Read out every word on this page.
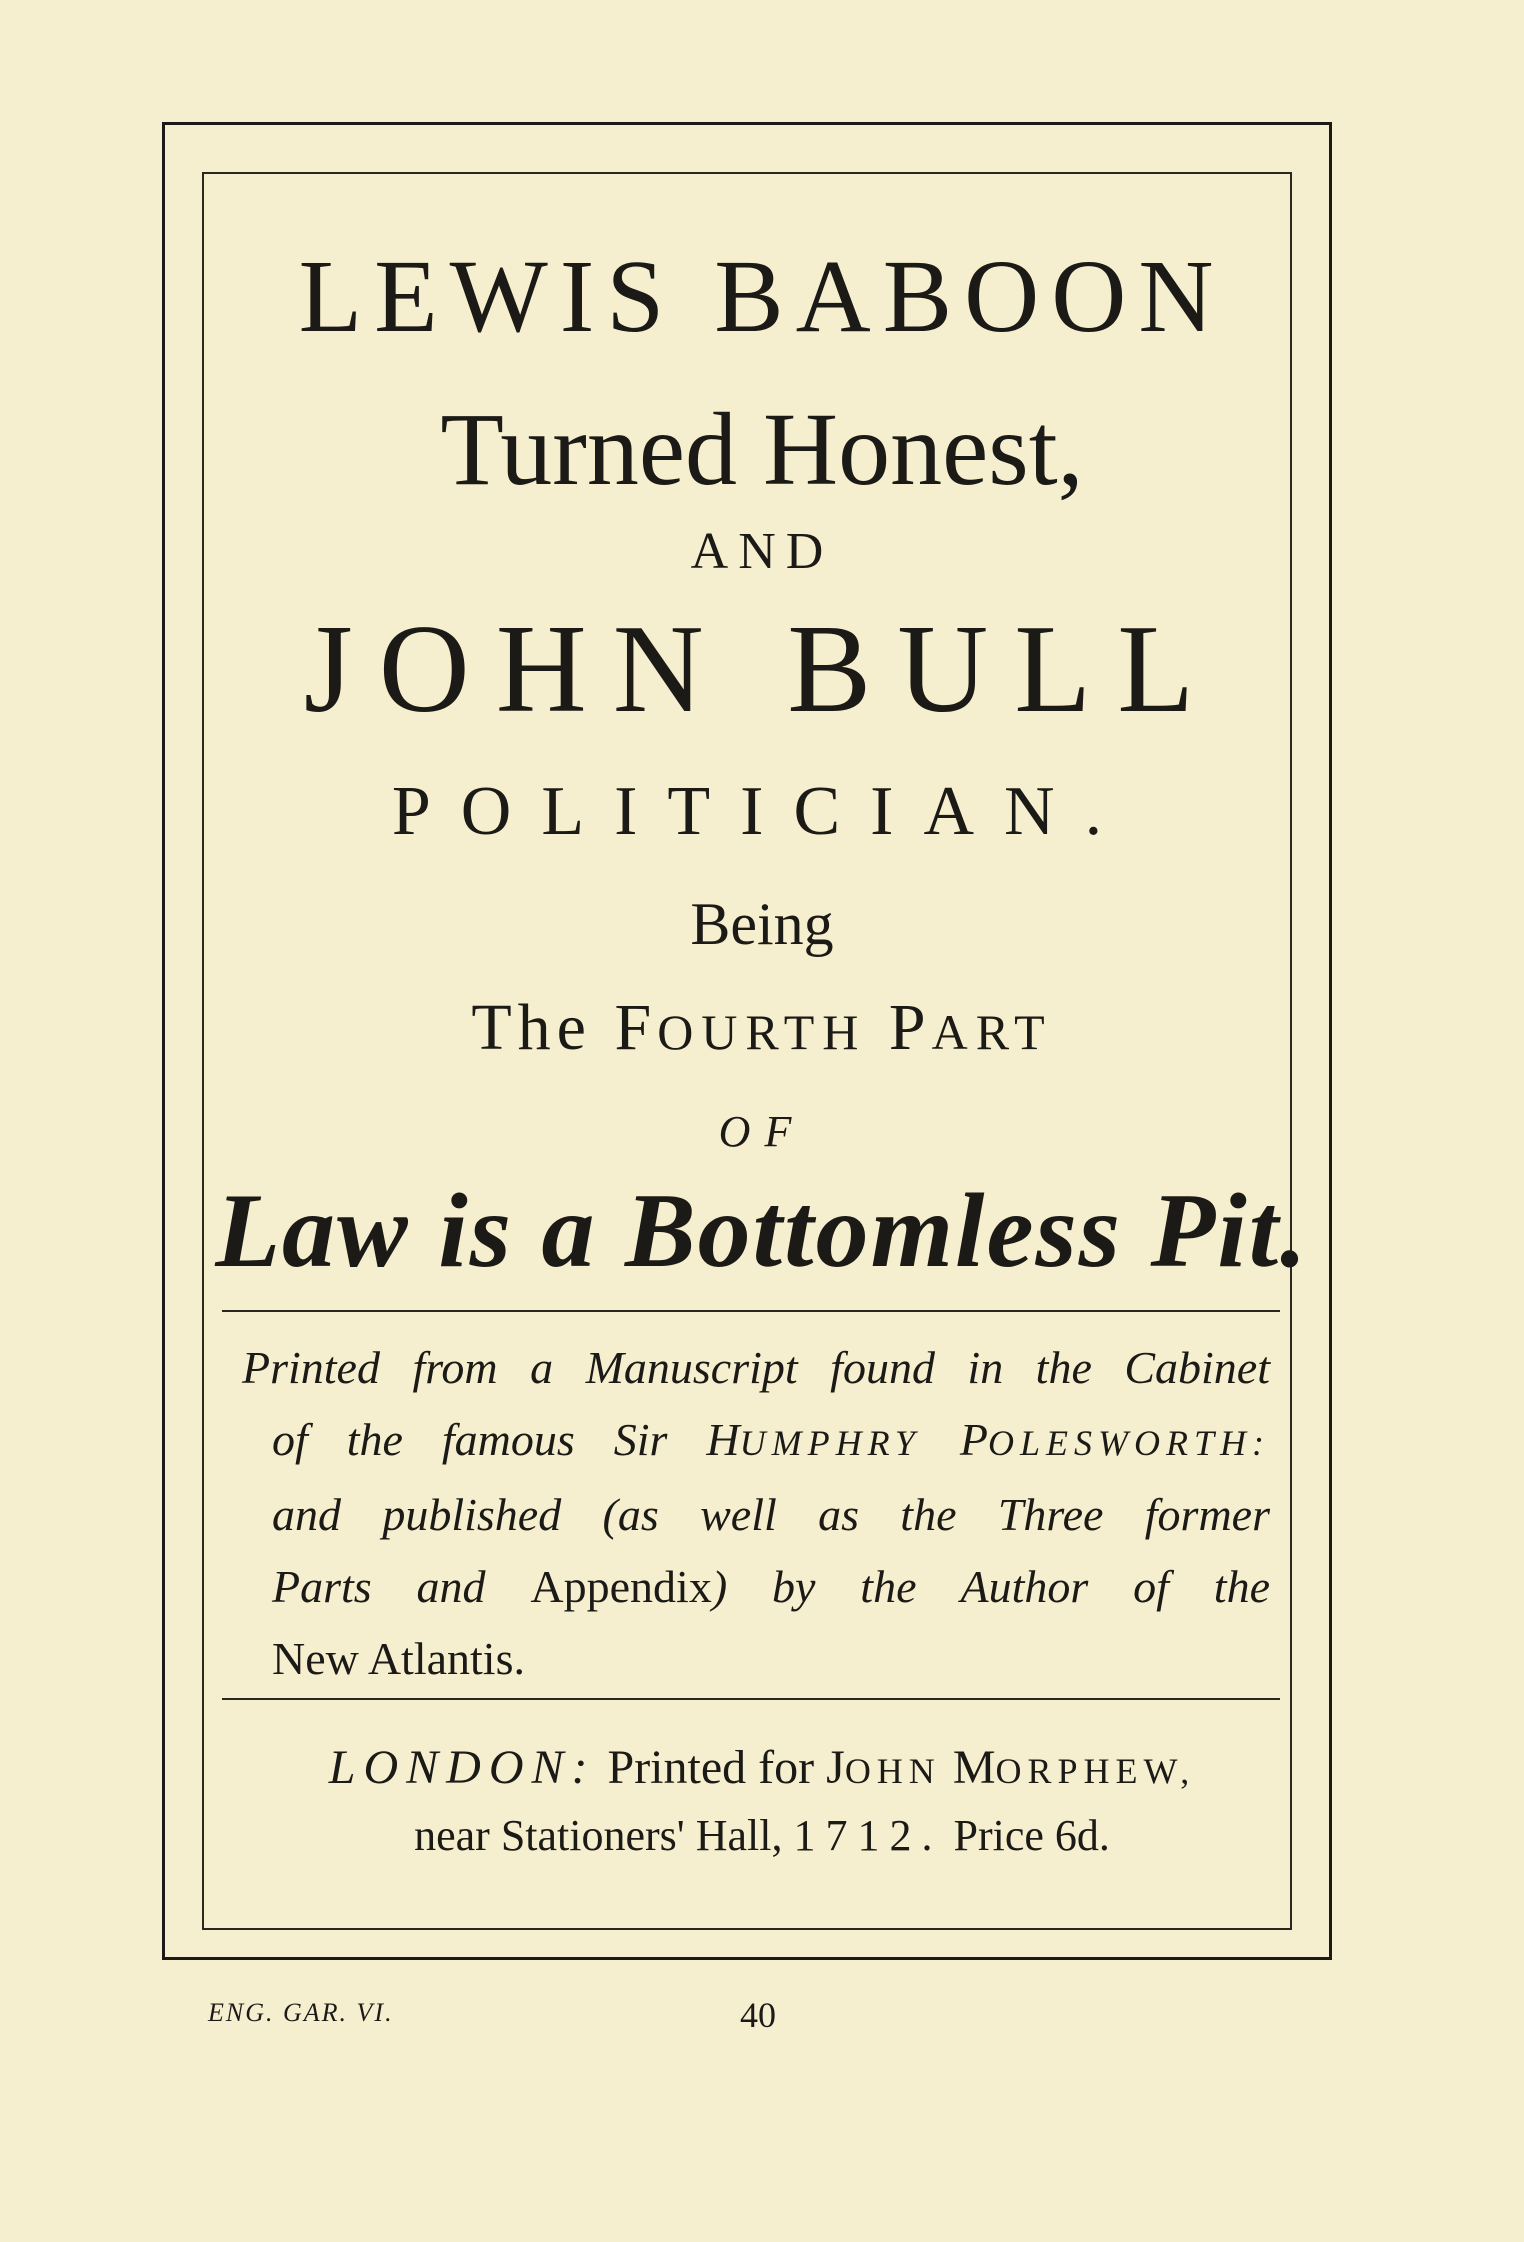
LEWIS BABOON
Turned Honest,
AND
JOHN BULL
POLITICIAN.
Being
The FOURTH PART
OF
Law is a Bottomless Pit.
Printed from a Manuscript found in the Cabinet
of the famous Sir HUMPHRY POLESWORTH:
and published (as well as the Three former
Parts and Appendix) by the Author of the
New Atlantis.
LONDON: Printed for JOHN MORPHEW,
near Stationers' Hall, 1712. Price 6d.
ENG. GAR. VI.	40
